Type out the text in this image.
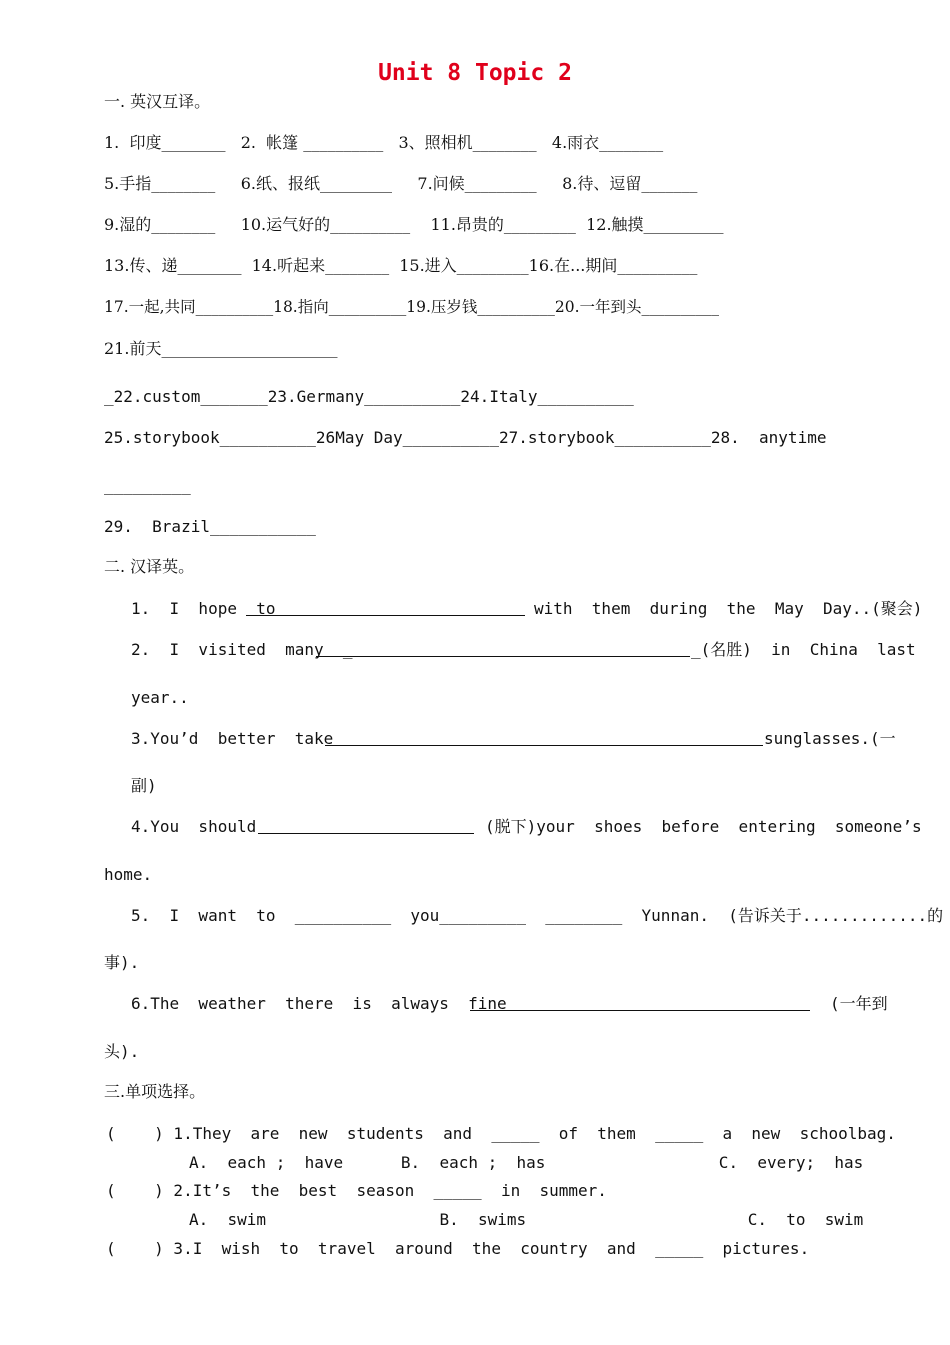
Unit 8 Topic 2
一. 英汉互译。
1.  印度________   2.  帐篷 __________   3、照相机________   4.雨衣________
5.手指________     6.纸、报纸_________     7.问候_________     8.待、逗留_______
9.湿的________     10.运气好的__________    11.昂贵的_________  12.触摸__________
13.传、递________  14.听起来________  15.进入_________16.在...期间__________
17.一起,共同__________18.指向__________19.压岁钱__________20.一年到头__________
21.前天______________________
_22.custom_______23.Germany__________24.Italy__________
25.storybook__________26May Day__________27.storybook__________28.  anytime
_________
29.  Brazil___________
二. 汉译英。
1.  I  hope  to	with  them  during  the  May  Day..(聚会)
2.  I  visited  many  _	_(名胜)  in  China  last
year..
3.You’d  better  take	sunglasses.(一
副)
4.You  should	(脱下)your  shoes  before  entering  someone’s
home.
5.  I  want  to  __________  you_________  ________  Yunnan.  (告诉关于.............的
事).
6.The  weather  there  is  always  fine	(一年到
头).
三.单项选择。
(    ) 1.They  are  new  students  and  _____  of  them  _____  a  new  schoolbag.
A.  each ;  have      B.  each ;  has                  C.  every;  has
(    ) 2.It’s  the  best  season  _____  in  summer.
A.  swim                  B.  swims                       C.  to  swim
(    ) 3.I  wish  to  travel  around  the  country  and  _____  pictures.
